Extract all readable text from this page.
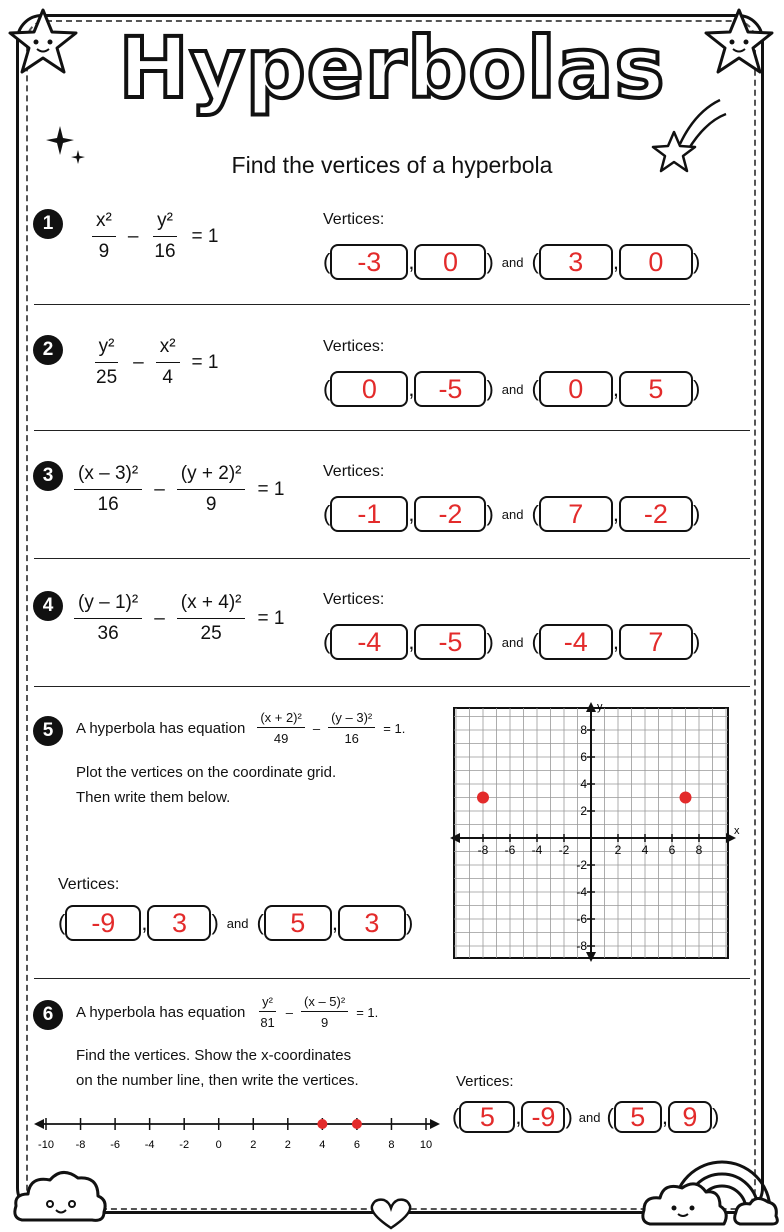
Hyperbolas
Find the vertices of a hyperbola
1	$\frac{\text{x²}}{9} - \frac{\text{y²}}{16} = 1$
Vertices:
( -3	,	0	) and (	3	,	0	)
2	$\frac{\text{y²}}{25} - \frac{\text{x²}}{4} = 1$
Vertices:
(	0	, -5	) and (	0	,	5	)
3	$\frac{\text{(x – 3)²}}{16} - \frac{\text{(y + 2)²}}{9} = 1$
Vertices:
( -1	, -2	) and (	7	, -2	)
4	$\frac{\text{(y – 1)²}}{36} - \frac{\text{(x + 4)²}}{25} = 1$
Vertices:
( -4	, -5	) and ( -4	,	7	)
5	A hyperbola has equation $\frac{\text{(x + 2)²}}{49} - \frac{\text{(y – 3)²}}{16} = 1$.
Plot the vertices on the coordinate grid.
Then write them below.
Vertices:
( -9	, 3	) and ( 5	, 3	)
x
y
-8 -6 -4 -2	2 4 6 8
8
6
4
2
-2
-4
-6
-8
6	A hyperbola has equation $\frac{\text{y²}}{81} - \frac{\text{(x – 5)²}}{9} = 1$.
Find the vertices. Show the x-coordinates
on the number line, then write the vertices.	Vertices:
( 5 , -9 ) and ( 5 , 9 )
-10 -8 -6 -4 -2 0	2	2	4	6	8 10
